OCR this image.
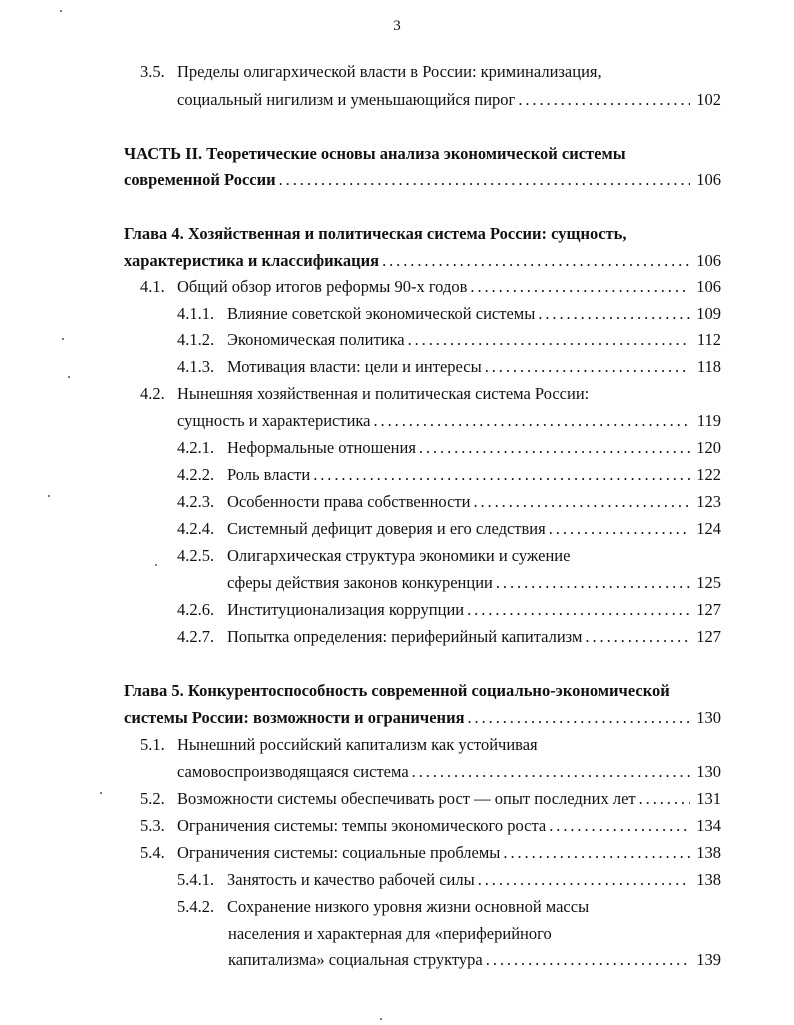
3
3.5. Пределы олигархической власти в России: криминализация,
социальный нигилизм и уменьшающийся пирог . . .	102
ЧАСТЬ II. Теоретические основы анализа экономической системы
современной России . . .	106
Глава 4. Хозяйственная и политическая система России: сущность,
характеристика и классификация . . .	106
4.1. Общий обзор итогов реформы 90-х годов . . .	106
4.1.1. Влияние советской экономической системы . . .	109
4.1.2. Экономическая политика . . .	112
4.1.3. Мотивация власти: цели и интересы . . .	118
4.2. Нынешняя хозяйственная и политическая система России:
сущность и характеристика . . .	119
4.2.1. Неформальные отношения . . .	120
4.2.2. Роль власти . . .	122
4.2.3. Особенности права собственности . . .	123
4.2.4. Системный дефицит доверия и его следствия . . .	124
4.2.5. Олигархическая структура экономики и сужение
сферы действия законов конкуренции . . .	125
4.2.6. Институционализация коррупции . . .	127
4.2.7. Попытка определения: периферийный капитализм . . .	127
Глава 5. Конкурентоспособность современной социально-экономической
системы России: возможности и ограничения . . .	130
5.1. Нынешний российский капитализм как устойчивая
самовоспроизводящаяся система . . .	130
5.2. Возможности системы обеспечивать рост — опыт последних лет . . .	131
5.3. Ограничения системы: темпы экономического роста . . .	134
5.4. Ограничения системы: социальные проблемы . . .	138
5.4.1. Занятость и качество рабочей силы . . .	138
5.4.2. Сохранение низкого уровня жизни основной массы
населения и характерная для «периферийного
капитализма» социальная структура . . .	139
